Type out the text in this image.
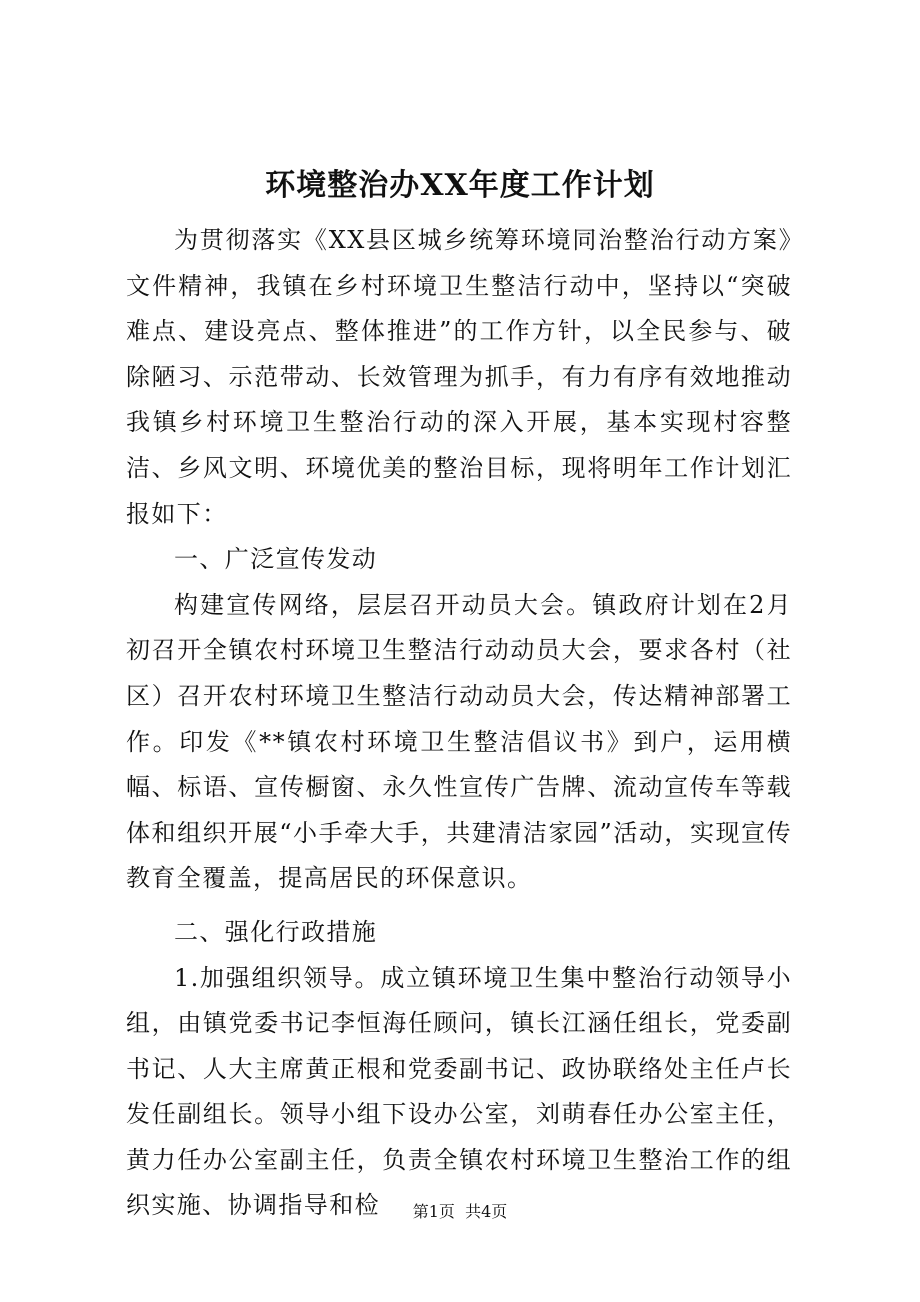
环境整治办XX年度工作计划

为贯彻落实《XX县区城乡统筹环境同治整治行动方案》文件精神，我镇在乡村环境卫生整洁行动中，坚持以“突破难点、建设亮点、整体推进”的工作方针，以全民参与、破除陋习、示范带动、长效管理为抓手，有力有序有效地推动我镇乡村环境卫生整治行动的深入开展，基本实现村容整洁、乡风文明、环境优美的整治目标，现将明年工作计划汇报如下：

一、广泛宣传发动

构建宣传网络，层层召开动员大会。镇政府计划在2月初召开全镇农村环境卫生整洁行动动员大会，要求各村（社区）召开农村环境卫生整洁行动动员大会，传达精神部署工作。印发《**镇农村环境卫生整洁倡议书》到户，运用横幅、标语、宣传橱窗、永久性宣传广告牌、流动宣传车等载体和组织开展“小手牵大手，共建清洁家园”活动，实现宣传教育全覆盖，提高居民的环保意识。

二、强化行政措施

1.加强组织领导。成立镇环境卫生集中整治行动领导小组，由镇党委书记李恒海任顾问，镇长江涵任组长，党委副书记、人大主席黄正根和党委副书记、政协联络处主任卢长发任副组长。领导小组下设办公室，刘萌春任办公室主任，黄力任办公室副主任，负责全镇农村环境卫生整治工作的组织实施、协调指导和检	第1页 共4页
